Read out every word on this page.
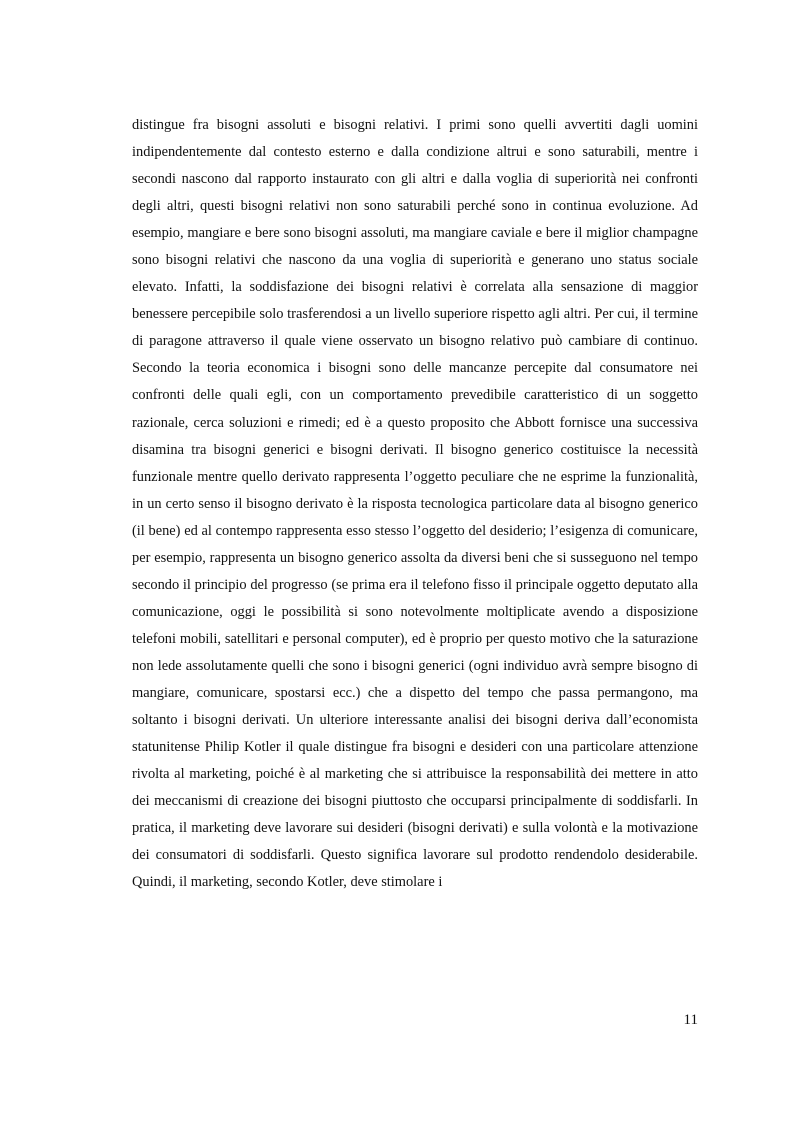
distingue fra bisogni assoluti e bisogni relativi. I primi sono quelli avvertiti dagli uomini indipendentemente dal contesto esterno e dalla condizione altrui e sono saturabili, mentre i secondi nascono dal rapporto instaurato con gli altri e dalla voglia di superiorità nei confronti degli altri, questi bisogni relativi non sono saturabili perché sono in continua evoluzione. Ad esempio, mangiare e bere sono bisogni assoluti, ma mangiare caviale e bere il miglior champagne sono bisogni relativi che nascono da una voglia di superiorità e generano uno status sociale elevato. Infatti, la soddisfazione dei bisogni relativi è correlata alla sensazione di maggior benessere percepibile solo trasferendosi a un livello superiore rispetto agli altri. Per cui, il termine di paragone attraverso il quale viene osservato un bisogno relativo può cambiare di continuo. Secondo la teoria economica i bisogni sono delle mancanze percepite dal consumatore nei confronti delle quali egli, con un comportamento prevedibile caratteristico di un soggetto razionale, cerca soluzioni e rimedi; ed è a questo proposito che Abbott fornisce una successiva disamina tra bisogni generici e bisogni derivati. Il bisogno generico costituisce la necessità funzionale mentre quello derivato rappresenta l’oggetto peculiare che ne esprime la funzionalità, in un certo senso il bisogno derivato è la risposta tecnologica particolare data al bisogno generico (il bene) ed al contempo rappresenta esso stesso l’oggetto del desiderio; l’esigenza di comunicare, per esempio, rappresenta un bisogno generico assolta da diversi beni che si susseguono nel tempo secondo il principio del progresso (se prima era il telefono fisso il principale oggetto deputato alla comunicazione, oggi le possibilità si sono notevolmente moltiplicate avendo a disposizione telefoni mobili, satellitari e personal computer), ed è proprio per questo motivo che la saturazione non lede assolutamente quelli che sono i bisogni generici (ogni individuo avrà sempre bisogno di mangiare, comunicare, spostarsi ecc.) che a dispetto del tempo che passa permangono, ma soltanto i bisogni derivati. Un ulteriore interessante analisi dei bisogni deriva dall’economista statunitense Philip Kotler il quale distingue fra bisogni e desideri con una particolare attenzione rivolta al marketing, poiché è al marketing che si attribuisce la responsabilità dei mettere in atto dei meccanismi di creazione dei bisogni piuttosto che occuparsi principalmente di soddisfarli. In pratica, il marketing deve lavorare sui desideri (bisogni derivati) e sulla volontà e la motivazione dei consumatori di soddisfarli. Questo significa lavorare sul prodotto rendendolo desiderabile. Quindi, il marketing, secondo Kotler, deve stimolare i

11
